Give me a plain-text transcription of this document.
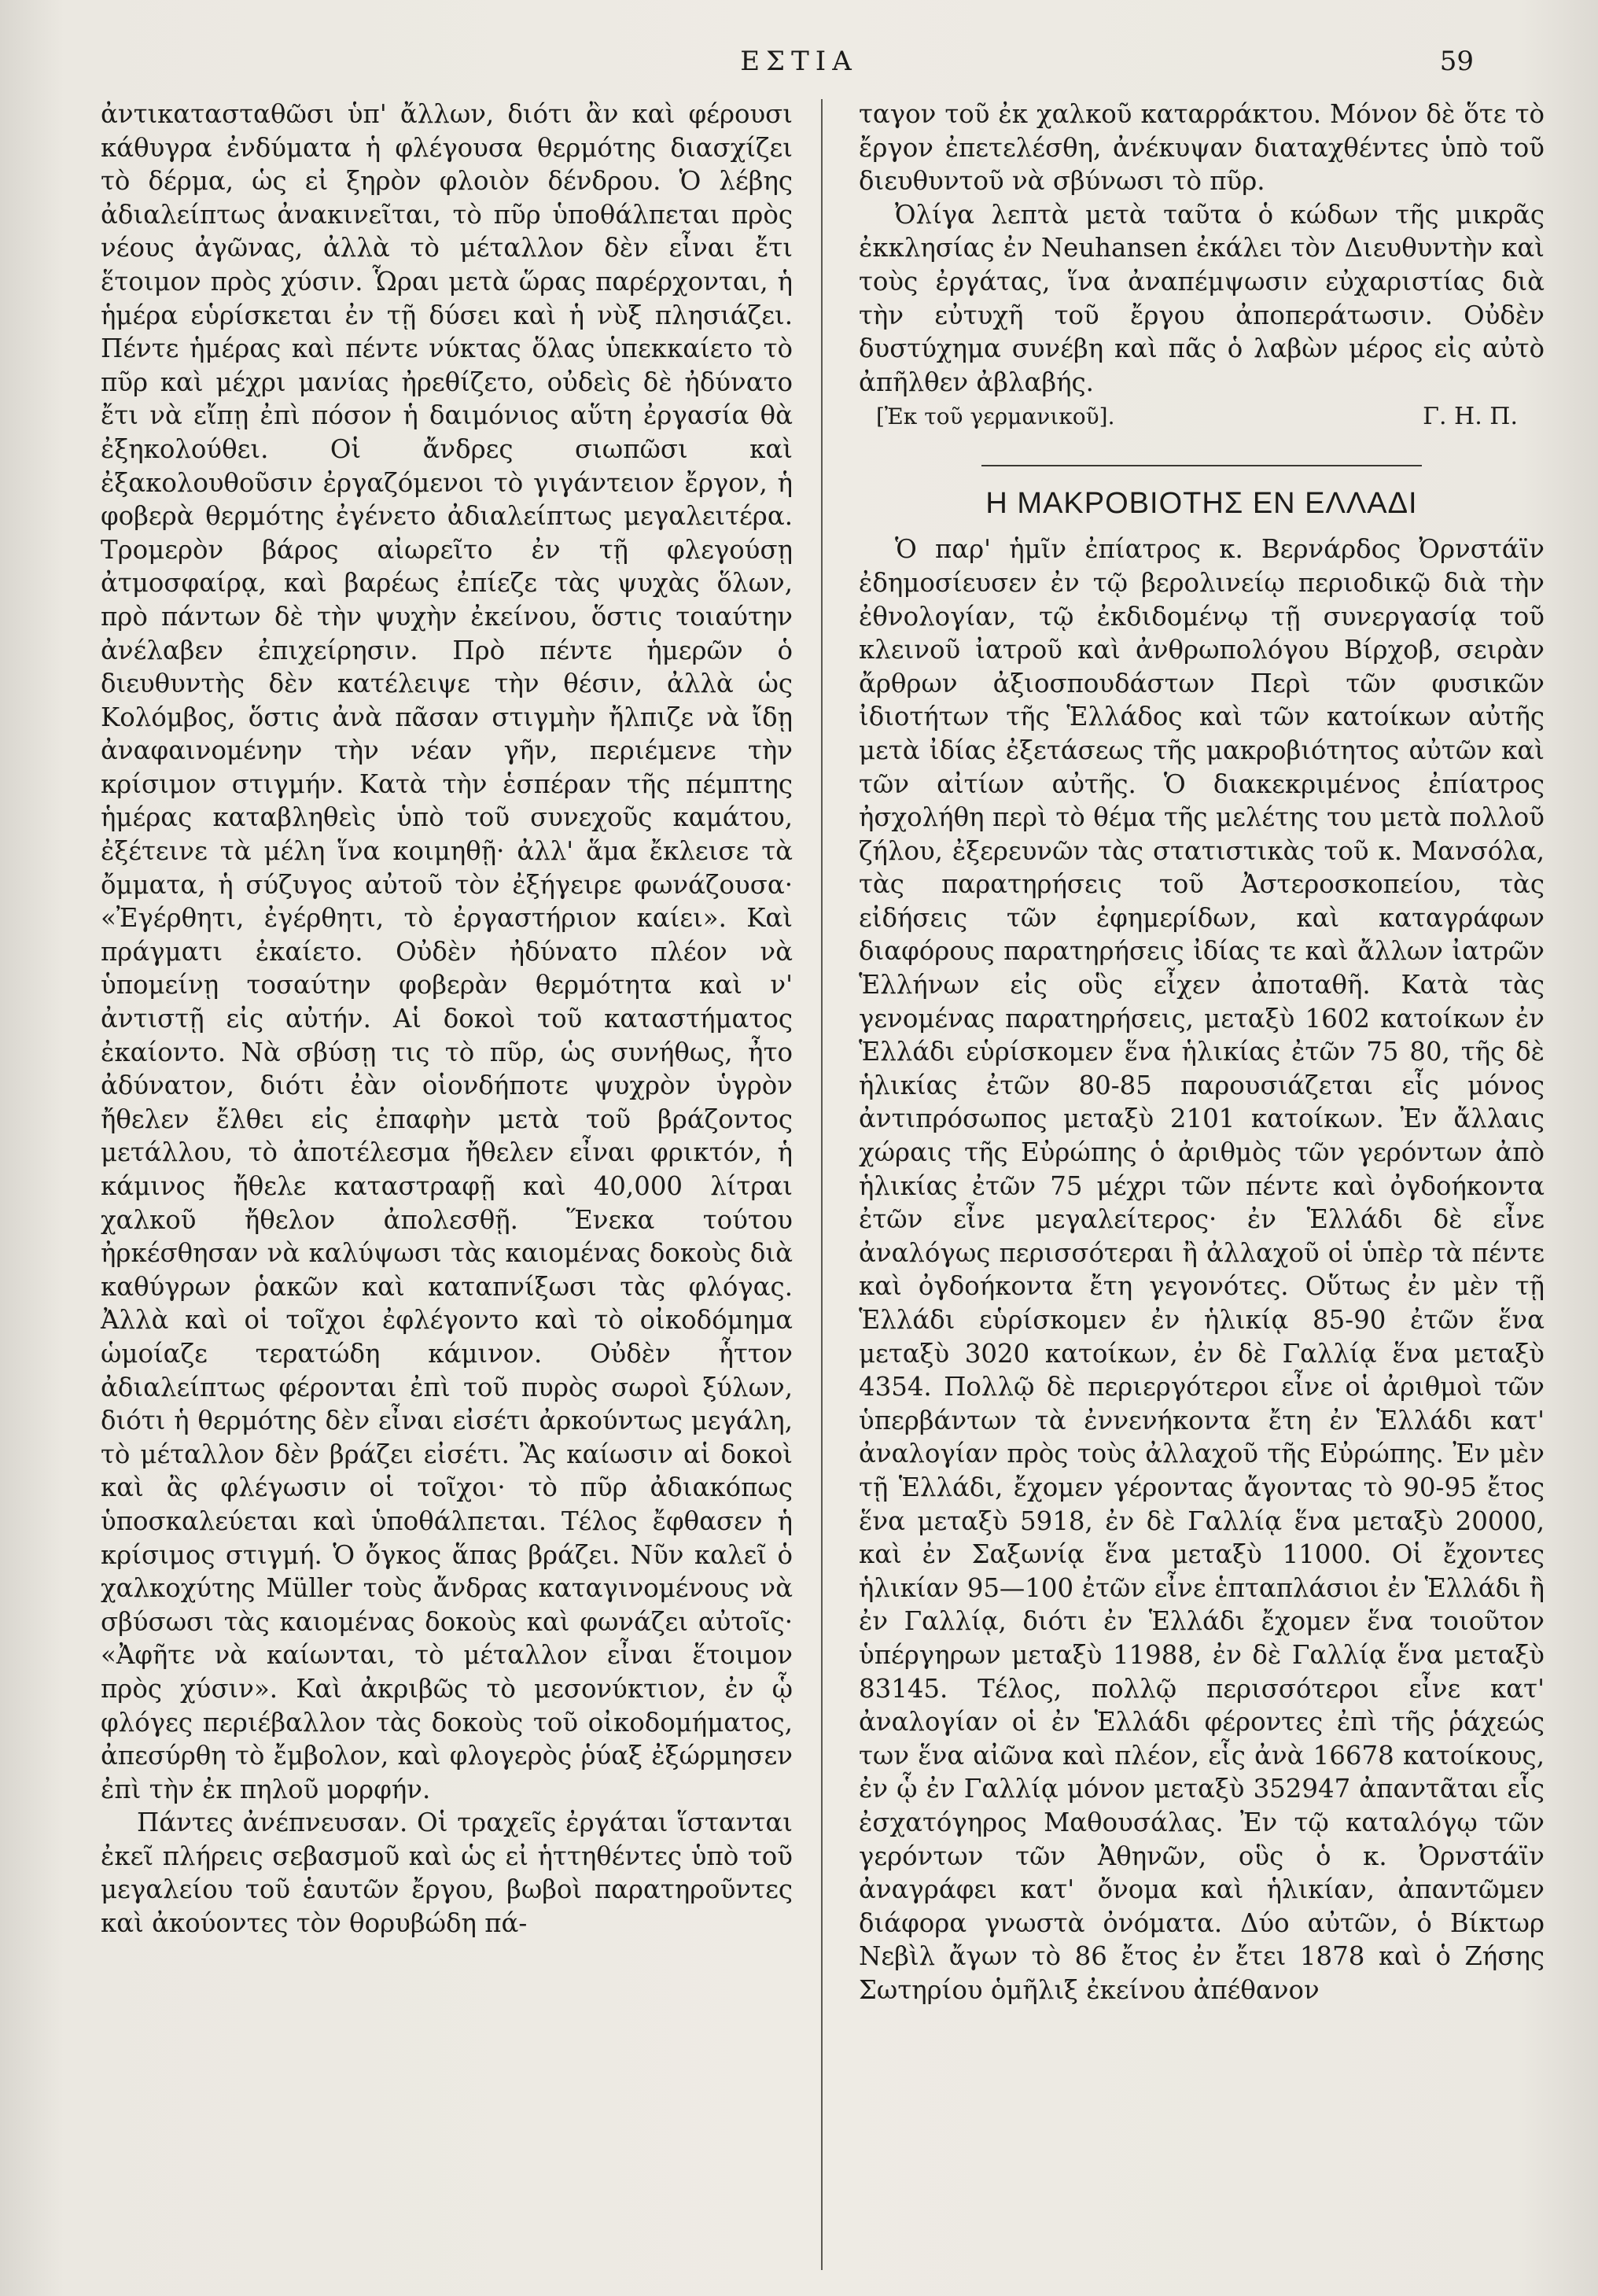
ΕΣΤΙΑ	59

ἀντικατασταθῶσι ὑπ' ἄλλων, διότι ἂν καὶ φέρουσι κάθυγρα ἐνδύματα ἡ φλέγουσα θερμότης διασχίζει τὸ δέρμα, ὡς εἰ ξηρὸν φλοιὸν δένδρου. Ὁ λέβης ἀδιαλείπτως ἀνακινεῖται, τὸ πῦρ ὑποθάλπεται πρὸς νέους ἀγῶνας, ἀλλὰ τὸ μέταλλον δὲν εἶναι ἔτι ἕτοιμον πρὸς χύσιν. Ὧραι μετὰ ὥρας παρέρχονται, ἡ ἡμέρα εὑρίσκεται ἐν τῇ δύσει καὶ ἡ νὺξ πλησιάζει. Πέντε ἡμέρας καὶ πέντε νύκτας ὅλας ὑπεκκαίετο τὸ πῦρ καὶ μέχρι μανίας ἠρεθίζετο, οὐδεὶς δὲ ἠδύνατο ἔτι νὰ εἴπῃ ἐπὶ πόσον ἡ δαιμόνιος αὕτη ἐργασία θὰ ἐξηκολούθει. Οἱ ἄνδρες σιωπῶσι καὶ ἐξακολουθοῦσιν ἐργαζόμενοι τὸ γιγάντειον ἔργον, ἡ φοβερὰ θερμότης ἐγένετο ἀδιαλείπτως μεγαλειτέρα. Τρομερὸν βάρος αἰωρεῖτο ἐν τῇ φλεγούσῃ ἀτμοσφαίρᾳ, καὶ βαρέως ἐπίεζε τὰς ψυχὰς ὅλων, πρὸ πάντων δὲ τὴν ψυχὴν ἐκείνου, ὅστις τοιαύτην ἀνέλαβεν ἐπιχείρησιν. Πρὸ πέντε ἡμερῶν ὁ διευθυντὴς δὲν κατέλειψε τὴν θέσιν, ἀλλὰ ὡς Κολόμβος, ὅστις ἀνὰ πᾶσαν στιγμὴν ἤλπιζε νὰ ἴδῃ ἀναφαινομένην τὴν νέαν γῆν, περιέμενε τὴν κρίσιμον στιγμήν. Κατὰ τὴν ἑσπέραν τῆς πέμπτης ἡμέρας καταβληθεὶς ὑπὸ τοῦ συνεχοῦς καμάτου, ἐξέτεινε τὰ μέλη ἵνα κοιμηθῇ· ἀλλ' ἅμα ἔκλεισε τὰ ὄμματα, ἡ σύζυγος αὐτοῦ τὸν ἐξήγειρε φωνάζουσα· «Ἐγέρθητι, ἐγέρθητι, τὸ ἐργαστήριον καίει». Καὶ πράγματι ἐκαίετο. Οὐδὲν ἠδύνατο πλέον νὰ ὑπομείνῃ τοσαύτην φοβερὰν θερμότητα καὶ ν' ἀντιστῇ εἰς αὐτήν. Αἱ δοκοὶ τοῦ καταστήματος ἐκαίοντο. Νὰ σβύσῃ τις τὸ πῦρ, ὡς συνήθως, ἦτο ἀδύνατον, διότι ἐὰν οἱονδήποτε ψυχρὸν ὑγρὸν ἤθελεν ἔλθει εἰς ἐπαφὴν μετὰ τοῦ βράζοντος μετάλλου, τὸ ἀποτέλεσμα ἤθελεν εἶναι φρικτόν, ἡ κάμινος ἤθελε καταστραφῇ καὶ 40,000 λίτραι χαλκοῦ ἤθελον ἀπολεσθῇ. Ἕνεκα τούτου ἠρκέσθησαν νὰ καλύψωσι τὰς καιομένας δοκοὺς διὰ καθύγρων ῥακῶν καὶ καταπνίξωσι τὰς φλόγας. Ἀλλὰ καὶ οἱ τοῖχοι ἐφλέγοντο καὶ τὸ οἰκοδόμημα ὡμοίαζε τερατώδη κάμινον. Οὐδὲν ἧττον ἀδιαλείπτως φέρονται ἐπὶ τοῦ πυρὸς σωροὶ ξύλων, διότι ἡ θερμότης δὲν εἶναι εἰσέτι ἀρκούντως μεγάλη, τὸ μέταλλον δὲν βράζει εἰσέτι. Ἂς καίωσιν αἱ δοκοὶ καὶ ἂς φλέγωσιν οἱ τοῖχοι· τὸ πῦρ ἀδιακόπως ὑποσκαλεύεται καὶ ὑποθάλπεται. Τέλος ἔφθασεν ἡ κρίσιμος στιγμή. Ὁ ὄγκος ἅπας βράζει. Νῦν καλεῖ ὁ χαλκοχύτης Müller τοὺς ἄνδρας καταγινομένους νὰ σβύσωσι τὰς καιομένας δοκοὺς καὶ φωνάζει αὐτοῖς· «Ἀφῆτε νὰ καίωνται, τὸ μέταλλον εἶναι ἕτοιμον πρὸς χύσιν». Καὶ ἀκριβῶς τὸ μεσονύκτιον, ἐν ᾧ φλόγες περιέβαλλον τὰς δοκοὺς τοῦ οἰκοδομήματος, ἀπεσύρθη τὸ ἔμβολον, καὶ φλογερὸς ῥύαξ ἐξώρμησεν ἐπὶ τὴν ἐκ πηλοῦ μορφήν.

Πάντες ἀνέπνευσαν. Οἱ τραχεῖς ἐργάται ἵστανται ἐκεῖ πλήρεις σεβασμοῦ καὶ ὡς εἰ ἡττηθέντες ὑπὸ τοῦ μεγαλείου τοῦ ἑαυτῶν ἔργου, βωβοὶ παρατηροῦντες καὶ ἀκούοντες τὸν θορυβώδη πά-

ταγον τοῦ ἐκ χαλκοῦ καταρράκτου. Μόνον δὲ ὅτε τὸ ἔργον ἐπετελέσθη, ἀνέκυψαν διαταχθέντες ὑπὸ τοῦ διευθυντοῦ νὰ σβύνωσι τὸ πῦρ.

Ὀλίγα λεπτὰ μετὰ ταῦτα ὁ κώδων τῆς μικρᾶς ἐκκλησίας ἐν Neuhansen ἐκάλει τὸν Διευθυντὴν καὶ τοὺς ἐργάτας, ἵνα ἀναπέμψωσιν εὐχαριστίας διὰ τὴν εὐτυχῆ τοῦ ἔργου ἀποπεράτωσιν. Οὐδὲν δυστύχημα συνέβη καὶ πᾶς ὁ λαβὼν μέρος εἰς αὐτὸ ἀπῆλθεν ἀβλαβής.

[Ἐκ τοῦ γερμανικοῦ].	Γ. Η. Π.
Η ΜΑΚΡΟΒΙΟΤΗΣ ΕΝ ΕΛΛΑΔΙ

Ὁ παρ' ἡμῖν ἐπίατρος κ. Βερνάρδος Ὀρνστάϊν ἐδημοσίευσεν ἐν τῷ βερολινείῳ περιοδικῷ διὰ τὴν ἐθνολογίαν, τῷ ἐκδιδομένῳ τῇ συνεργασίᾳ τοῦ κλεινοῦ ἰατροῦ καὶ ἀνθρωπολόγου Βίρχοβ, σειρὰν ἄρθρων ἀξιοσπουδάστων Περὶ τῶν φυσικῶν ἰδιοτήτων τῆς Ἑλλάδος καὶ τῶν κατοίκων αὐτῆς μετὰ ἰδίας ἐξετάσεως τῆς μακροβιότητος αὐτῶν καὶ τῶν αἰτίων αὐτῆς. Ὁ διακεκριμένος ἐπίατρος ἠσχολήθη περὶ τὸ θέμα τῆς μελέτης του μετὰ πολλοῦ ζήλου, ἐξερευνῶν τὰς στατιστικὰς τοῦ κ. Μανσόλα, τὰς παρατηρήσεις τοῦ Ἀστεροσκοπείου, τὰς εἰδήσεις τῶν ἐφημερίδων, καὶ καταγράφων διαφόρους παρατηρήσεις ἰδίας τε καὶ ἄλλων ἰατρῶν Ἑλλήνων εἰς οὓς εἶχεν ἀποταθῆ. Κατὰ τὰς γενομένας παρατηρήσεις, μεταξὺ 1602 κατοίκων ἐν Ἑλλάδι εὑρίσκομεν ἕνα ἡλικίας ἐτῶν 75 80, τῆς δὲ ἡλικίας ἐτῶν 80-85 παρουσιάζεται εἷς μόνος ἀντιπρόσωπος μεταξὺ 2101 κατοίκων. Ἐν ἄλλαις χώραις τῆς Εὐρώπης ὁ ἀριθμὸς τῶν γερόντων ἀπὸ ἡλικίας ἐτῶν 75 μέχρι τῶν πέντε καὶ ὀγδοήκοντα ἐτῶν εἶνε μεγαλείτερος· ἐν Ἑλλάδι δὲ εἶνε ἀναλόγως περισσότεραι ἢ ἀλλαχοῦ οἱ ὑπὲρ τὰ πέντε καὶ ὀγδοήκοντα ἔτη γεγονότες. Οὕτως ἐν μὲν τῇ Ἑλλάδι εὑρίσκομεν ἐν ἡλικίᾳ 85-90 ἐτῶν ἕνα μεταξὺ 3020 κατοίκων, ἐν δὲ Γαλλίᾳ ἕνα μεταξὺ 4354. Πολλῷ δὲ περιεργότεροι εἶνε οἱ ἀριθμοὶ τῶν ὑπερβάντων τὰ ἐννενήκοντα ἔτη ἐν Ἑλλάδι κατ' ἀναλογίαν πρὸς τοὺς ἀλλαχοῦ τῆς Εὐρώπης. Ἐν μὲν τῇ Ἑλλάδι, ἔχομεν γέροντας ἄγοντας τὸ 90-95 ἔτος ἕνα μεταξὺ 5918, ἐν δὲ Γαλλίᾳ ἕνα μεταξὺ 20000, καὶ ἐν Σαξωνίᾳ ἕνα μεταξὺ 11000. Οἱ ἔχοντες ἡλικίαν 95—100 ἐτῶν εἶνε ἑπταπλάσιοι ἐν Ἑλλάδι ἢ ἐν Γαλλίᾳ, διότι ἐν Ἑλλάδι ἔχομεν ἕνα τοιοῦτον ὑπέργηρων μεταξὺ 11988, ἐν δὲ Γαλλίᾳ ἕνα μεταξὺ 83145. Τέλος, πολλῷ περισσότεροι εἶνε κατ' ἀναλογίαν οἱ ἐν Ἑλλάδι φέροντες ἐπὶ τῆς ῥάχεώς των ἕνα αἰῶνα καὶ πλέον, εἷς ἀνὰ 16678 κατοίκους, ἐν ᾧ ἐν Γαλλίᾳ μόνον μεταξὺ 352947 ἀπαντᾶται εἷς ἐσχατόγηρος Μαθουσάλας. Ἐν τῷ καταλόγῳ τῶν γερόντων τῶν Ἀθηνῶν, οὓς ὁ κ. Ὀρνστάϊν ἀναγράφει κατ' ὄνομα καὶ ἡλικίαν, ἀπαντῶμεν διάφορα γνωστὰ ὀνόματα. Δύο αὐτῶν, ὁ Βίκτωρ Νεβὶλ ἄγων τὸ 86 ἔτος ἐν ἔτει 1878 καὶ ὁ Ζήσης Σωτηρίου ὁμῆλιξ ἐκείνου ἀπέθανον
